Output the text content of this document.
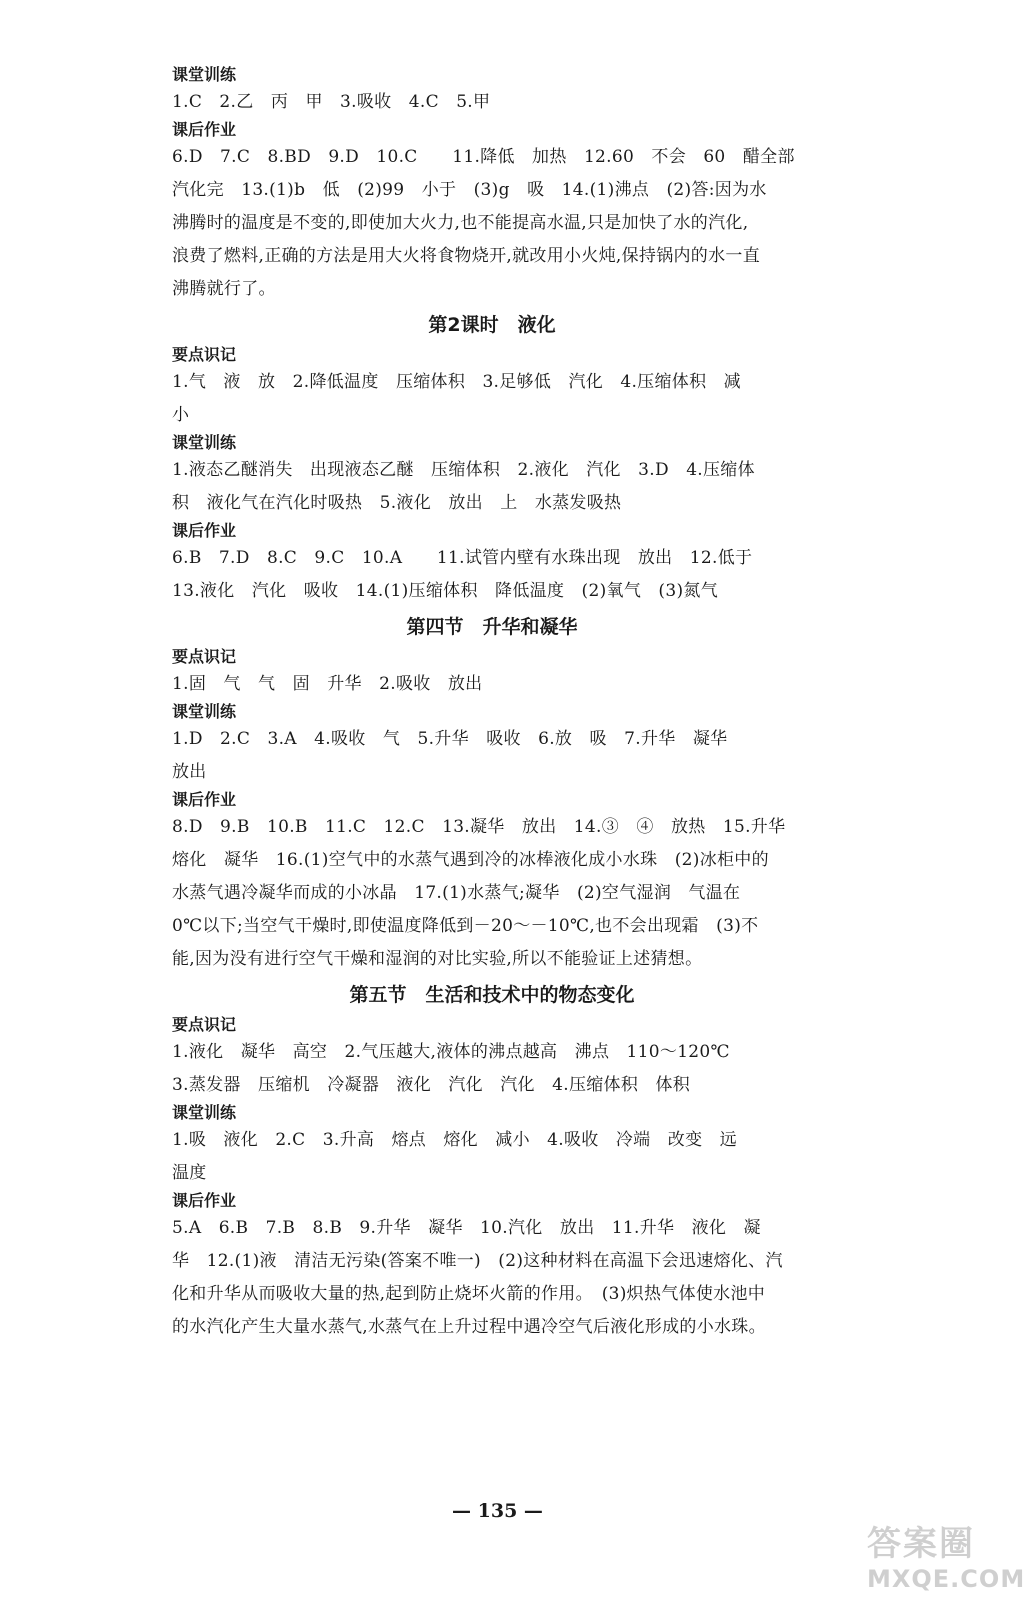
课堂训练
1.C　2.乙　丙　甲　3.吸收　4.C　5.甲
课后作业
6.D　7.C　8.BD　9.D　10.C　　11.降低　加热　12.60　不会　60　醋全部
汽化完　13.(1)b　低　(2)99　小于　(3)g　吸　14.(1)沸点　(2)答:因为水
沸腾时的温度是不变的,即使加大火力,也不能提高水温,只是加快了水的汽化,
浪费了燃料,正确的方法是用大火将食物烧开,就改用小火炖,保持锅内的水一直
沸腾就行了。
第2课时　液化
要点识记
1.气　液　放　2.降低温度　压缩体积　3.足够低　汽化　4.压缩体积　减
小
课堂训练
1.液态乙醚消失　出现液态乙醚　压缩体积　2.液化　汽化　3.D　4.压缩体
积　液化气在汽化时吸热　5.液化　放出　上　水蒸发吸热
课后作业
6.B　7.D　8.C　9.C　10.A　　11.试管内壁有水珠出现　放出　12.低于
13.液化　汽化　吸收　14.(1)压缩体积　降低温度　(2)氧气　(3)氮气
第四节　升华和凝华
要点识记
1.固　气　气　固　升华　2.吸收　放出
课堂训练
1.D　2.C　3.A　4.吸收　气　5.升华　吸收　6.放　吸　7.升华　凝华
放出
课后作业
8.D　9.B　10.B　11.C　12.C　13.凝华　放出　14.③　④　放热　15.升华
熔化　凝华　16.(1)空气中的水蒸气遇到冷的冰棒液化成小水珠　(2)冰柜中的
水蒸气遇冷凝华而成的小冰晶　17.(1)水蒸气;凝华　(2)空气湿润　气温在
0℃以下;当空气干燥时,即使温度降低到－20～－10℃,也不会出现霜　(3)不
能,因为没有进行空气干燥和湿润的对比实验,所以不能验证上述猜想。
第五节　生活和技术中的物态变化
要点识记
1.液化　凝华　高空　2.气压越大,液体的沸点越高　沸点　110～120℃
3.蒸发器　压缩机　冷凝器　液化　汽化　汽化　4.压缩体积　体积
课堂训练
1.吸　液化　2.C　3.升高　熔点　熔化　减小　4.吸收　冷端　改变　远
温度
课后作业
5.A　6.B　7.B　8.B　9.升华　凝华　10.汽化　放出　11.升华　液化　凝
华　12.(1)液　清洁无污染(答案不唯一)　(2)这种材料在高温下会迅速熔化、汽
化和升华从而吸收大量的热,起到防止烧坏火箭的作用。　(3)炽热气体使水池中
的水汽化产生大量水蒸气,水蒸气在上升过程中遇冷空气后液化形成的小水珠。
— 135 —
答案圈
MXQE.COM
